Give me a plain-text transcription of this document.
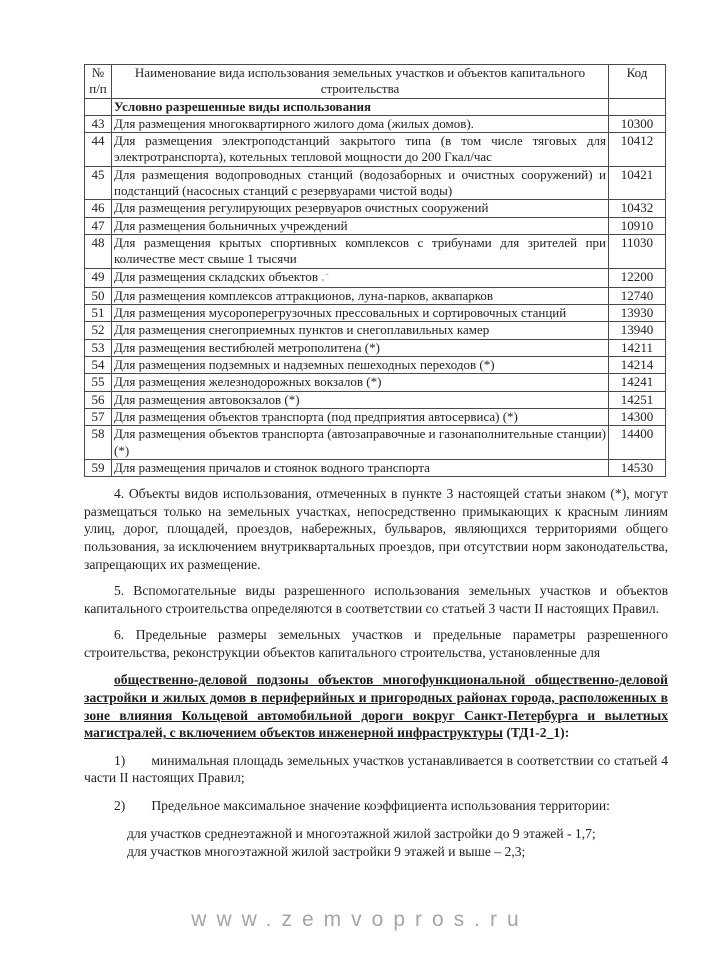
№ п/п	Наименование вида использования земельных участков и объектов капитального строительства	Код
	Условно разрешенные виды использования	
43	Для размещения многоквартирного жилого дома (жилых домов).	10300
44	Для размещения электроподстанций закрытого типа (в том числе тяговых для электротранспорта), котельных тепловой мощности до 200 Гкал/час	10412
45	Для размещения водопроводных станций (водозаборных и очистных сооружений) и подстанций (насосных станций с резервуарами чистой воды)	10421
46	Для размещения регулирующих резервуаров очистных сооружений	10432
47	Для размещения больничных учреждений	10910
48	Для размещения крытых спортивных комплексов с трибунами для зрителей при количестве мест свыше 1 тысячи	11030
49	Для размещения складских объектов ᵥ˜	12200
50	Для размещения комплексов аттракционов, луна-парков, аквапарков	12740
51	Для размещения мусороперегрузочных прессовальных и сортировочных станций	13930
52	Для размещения снегоприемных пунктов и снегоплавильных камер	13940
53	Для размещения вестибюлей метрополитена (*)	14211
54	Для размещения подземных и надземных пешеходных переходов (*)	14214
55	Для размещения железнодорожных вокзалов (*)	14241
56	Для размещения автовокзалов (*)	14251
57	Для размещения объектов транспорта (под предприятия автосервиса) (*)	14300
58	Для размещения объектов транспорта (автозаправочные и газонаполнительные станции) (*)	14400
59	Для размещения причалов и стоянок водного транспорта	14530
4. Объекты видов использования, отмеченных в пункте 3 настоящей статьи знаком (*), могут размещаться только на земельных участках, непосредственно примыкающих к красным линиям улиц, дорог, площадей, проездов, набережных, бульваров, являющихся территориями общего пользования, за исключением внутриквартальных проездов, при отсутствии норм законодательства, запрещающих их размещение.
5. Вспомогательные виды разрешенного использования земельных участков и объектов капитального строительства определяются в соответствии со статьей 3 части II настоящих Правил.
6. Предельные размеры земельных участков и предельные параметры разрешенного строительства, реконструкции объектов капитального строительства, установленные для
общественно-деловой подзоны объектов многофункциональной общественно-деловой застройки и жилых домов в периферийных и пригородных районах города, расположенных в зоне влияния Кольцевой автомобильной дороги вокруг Санкт-Петербурга и вылетных магистралей, с включением объектов инженерной инфраструктуры (ТД1-2_1):
1) минимальная площадь земельных участков устанавливается в соответствии со статьей 4 части II настоящих Правил;
2) Предельное максимальное значение коэффициента использования территории:
для участков среднеэтажной и многоэтажной жилой застройки до 9 этажей - 1,7;
для участков многоэтажной жилой застройки 9 этажей и выше – 2,3;
www.zemvopros.ru
